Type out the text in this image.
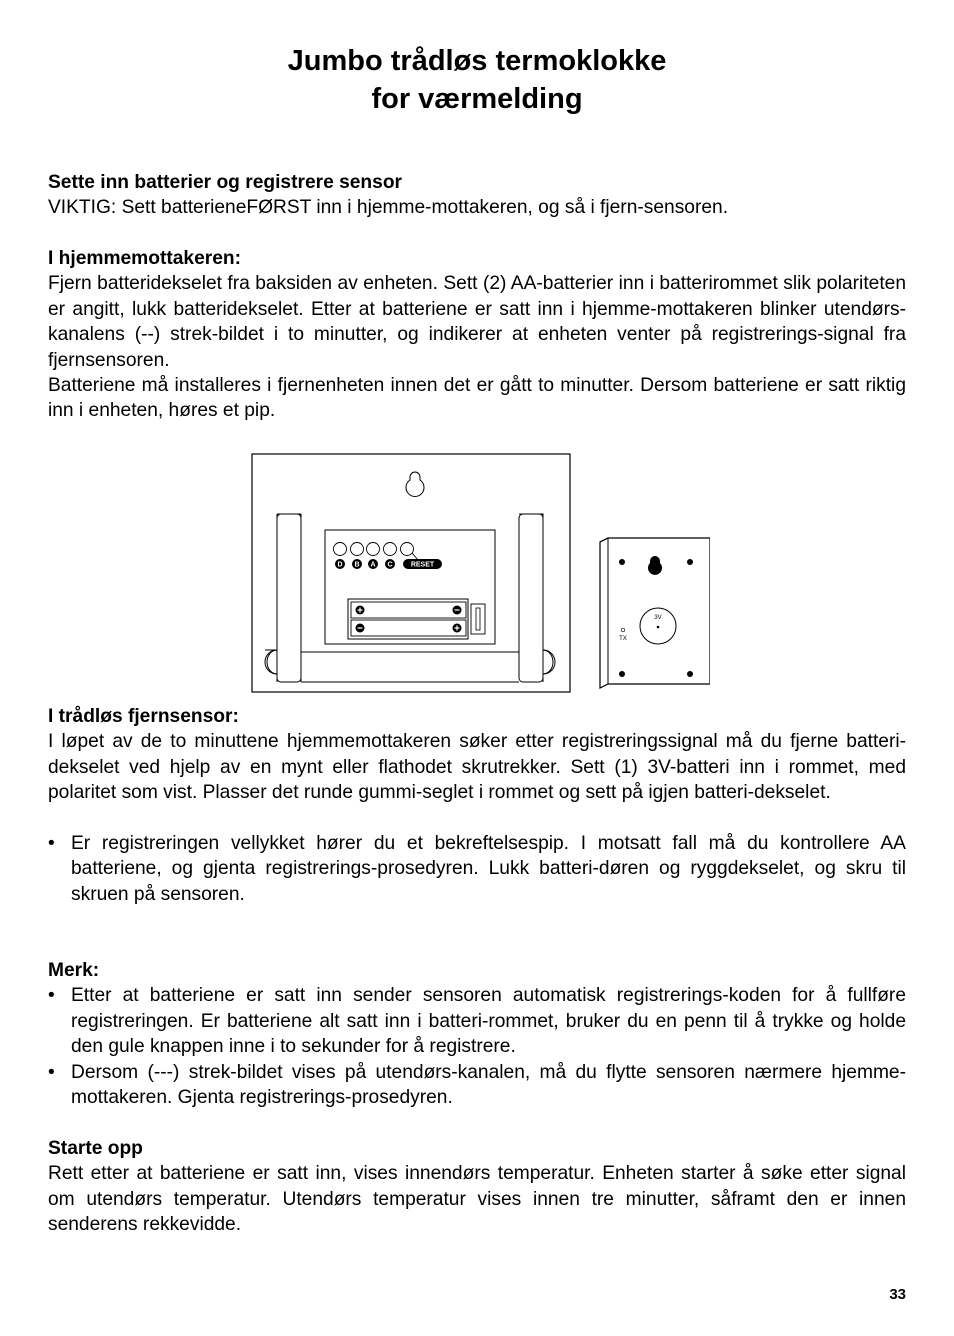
Jumbo trådløs termoklokke
for værmelding

Sette inn batterier og registrere sensor

VIKTIG: Sett batterieneFØRST inn i hjemme-mottakeren, og så i fjern-sensoren.

I hjemmemottakeren:

Fjern batteridekselet fra baksiden av enheten. Sett (2) AA-batterier inn i batterirommet slik polariteten er angitt, lukk batteridekselet. Etter at batteriene er satt inn i hjemme-mottakeren blinker utendørs-kanalens (--) strek-bildet i to minutter, og indikerer at enheten venter på registrerings-signal fra fjernsensoren.

Batteriene må installeres i fjernenheten innen det er gått to minutter. Dersom batteriene er satt riktig inn i enheten, høres et pip.

D B A C	RESET
3V
TX

I trådløs fjernsensor:

I løpet av de to minuttene hjemmemottakeren søker etter registreringssignal må du fjerne batteri-dekselet ved hjelp av en mynt eller flathodet skrutrekker. Sett (1) 3V-batteri inn i rommet, med polaritet som vist. Plasser det runde gummi-seglet i rommet og sett på igjen batteri-dekselet.

• Er registreringen vellykket hører du et bekreftelsespip. I motsatt fall må du kontrollere AA batteriene, og gjenta registrerings-prosedyren. Lukk batteri-døren og ryggdekselet, og skru til skruen på sensoren.

Merk:

• Etter at batteriene er satt inn sender sensoren automatisk registrerings-koden for å fullføre registreringen. Er batteriene alt satt inn i batteri-rommet, bruker du en penn til å trykke og holde den gule knappen inne i to sekunder for å registrere.

• Dersom (---) strek-bildet vises på utendørs-kanalen, må du flytte sensoren nærmere hjemme-mottakeren. Gjenta registrerings-prosedyren.

Starte opp

Rett etter at batteriene er satt inn, vises innendørs temperatur. Enheten starter å søke etter signal om utendørs temperatur. Utendørs temperatur vises innen tre minutter, såframt den er innen senderens rekkevidde.

33
